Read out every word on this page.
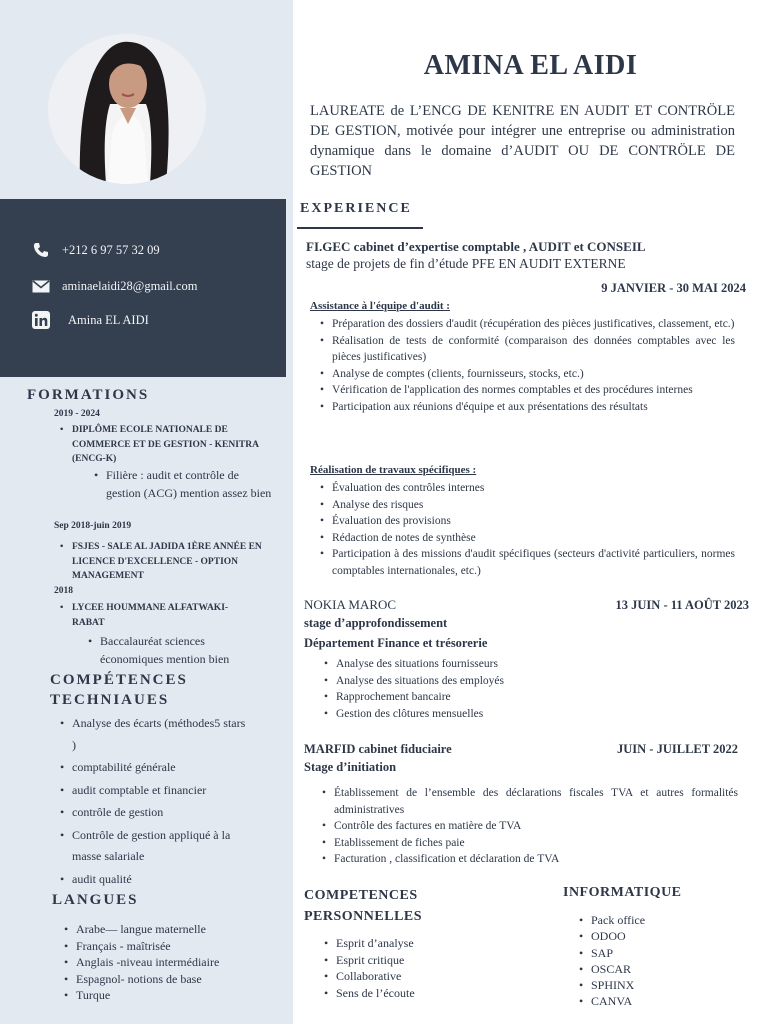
+212 6 97 57 32 09
aminaelaidi28@gmail.com
Amina EL AIDI
FORMATIONS
2019 - 2024
• DIPLÔME ECOLE NATIONALE DE COMMERCE ET DE GESTION - KENITRA (ENCG-K)
• Filière : audit et contrôle de gestion (ACG) mention assez bien
Sep 2018-juin 2019
• FSJES - SALE AL JADIDA 1ÈRE ANNÉE EN LICENCE D'EXCELLENCE - OPTION MANAGEMENT
2018
• LYCEE HOUMMANE ALFATWAKI-RABAT
• Baccalauréat sciences économiques mention bien
COMPÉTENCES
TECHNIAUES
• Analyse des écarts (méthodes5 stars )
• comptabilité générale
• audit comptable et financier
• contrôle de gestion
• Contrôle de gestion appliqué à la masse salariale
• audit qualité
LANGUES
• Arabe— langue maternelle
• Français - maîtrisée
• Anglais -niveau intermédiaire
• Espagnol- notions de base
• Turque
AMINA EL AIDI
LAUREATE de L’ENCG DE KENITRE EN AUDIT ET CONTRÖLE DE GESTION, motivée pour intégrer une entreprise ou administration dynamique dans le domaine d’AUDIT OU DE CONTRÖLE DE GESTION
EXPERIENCE
FI.GEC cabinet d’expertise comptable , AUDIT et CONSEIL
stage de projets de fin d’étude PFE EN AUDIT EXTERNE
9 JANVIER - 30 MAI 2024
Assistance à l'équipe d'audit :
• Préparation des dossiers d'audit (récupération des pièces justificatives, classement, etc.)
• Réalisation de tests de conformité (comparaison des données comptables avec les pièces justificatives)
• Analyse de comptes (clients, fournisseurs, stocks, etc.)
• Vérification de l'application des normes comptables et des procédures internes
• Participation aux réunions d'équipe et aux présentations des résultats
Réalisation de travaux spécifiques :
• Évaluation des contrôles internes
• Analyse des risques
• Évaluation des provisions
• Rédaction de notes de synthèse
• Participation à des missions d'audit spécifiques (secteurs d'activité particuliers, normes comptables internationales, etc.)
NOKIA MAROC
stage d’approfondissement
Département Finance et trésorerie
13 JUIN - 11 AOÛT 2023
• Analyse des situations fournisseurs
• Analyse des situations des employés
• Rapprochement bancaire
• Gestion des clôtures mensuelles
MARFID cabinet fiduciaire
Stage d’initiation
JUIN - JUILLET 2022
• Établissement de l’ensemble des déclarations fiscales TVA et autres formalités administratives
• Contrôle des factures en matière de TVA
• Etablissement de fiches paie
• Facturation , classification et déclaration de TVA
COMPETENCES
PERSONNELLES
• Esprit d’analyse
• Esprit critique
• Collaborative
• Sens de l’écoute
INFORMATIQUE
• Pack office
• ODOO
• SAP
• OSCAR
• SPHINX
• CANVA
